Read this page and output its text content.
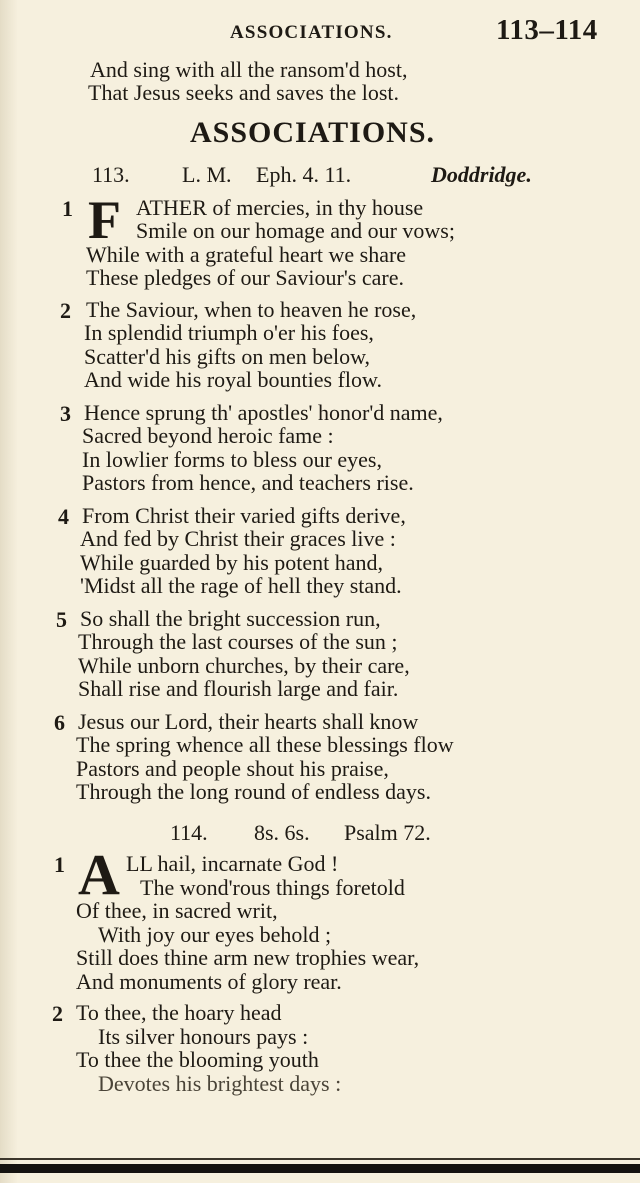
ASSOCIATIONS.	113–114
And sing with all the ransom'd host,
That Jesus seeks and saves the lost.
ASSOCIATIONS.
113. L. M. Eph. 4. 11.	Doddridge.
1 F ATHER of mercies, in thy house
Smile on our homage and our vows;
While with a grateful heart we share
These pledges of our Saviour's care.
2 The Saviour, when to heaven he rose,
In splendid triumph o'er his foes,
Scatter'd his gifts on men below,
And wide his royal bounties flow.
3 Hence sprung th' apostles' honor'd name,
Sacred beyond heroic fame :
In lowlier forms to bless our eyes,
Pastors from hence, and teachers rise.
4 From Christ their varied gifts derive,
And fed by Christ their graces live :
While guarded by his potent hand,
'Midst all the rage of hell they stand.
5 So shall the bright succession run,
Through the last courses of the sun ;
While unborn churches, by their care,
Shall rise and flourish large and fair.
6 Jesus our Lord, their hearts shall know
The spring whence all these blessings flow
Pastors and people shout his praise,
Through the long round of endless days.
114. 8s. 6s. Psalm 72.
1 A LL hail, incarnate God !
The wond'rous things foretold
Of thee, in sacred writ,
With joy our eyes behold ;
Still does thine arm new trophies wear,
And monuments of glory rear.
2 To thee, the hoary head
Its silver honours pays :
To thee the blooming youth
Devotes his brightest days :
